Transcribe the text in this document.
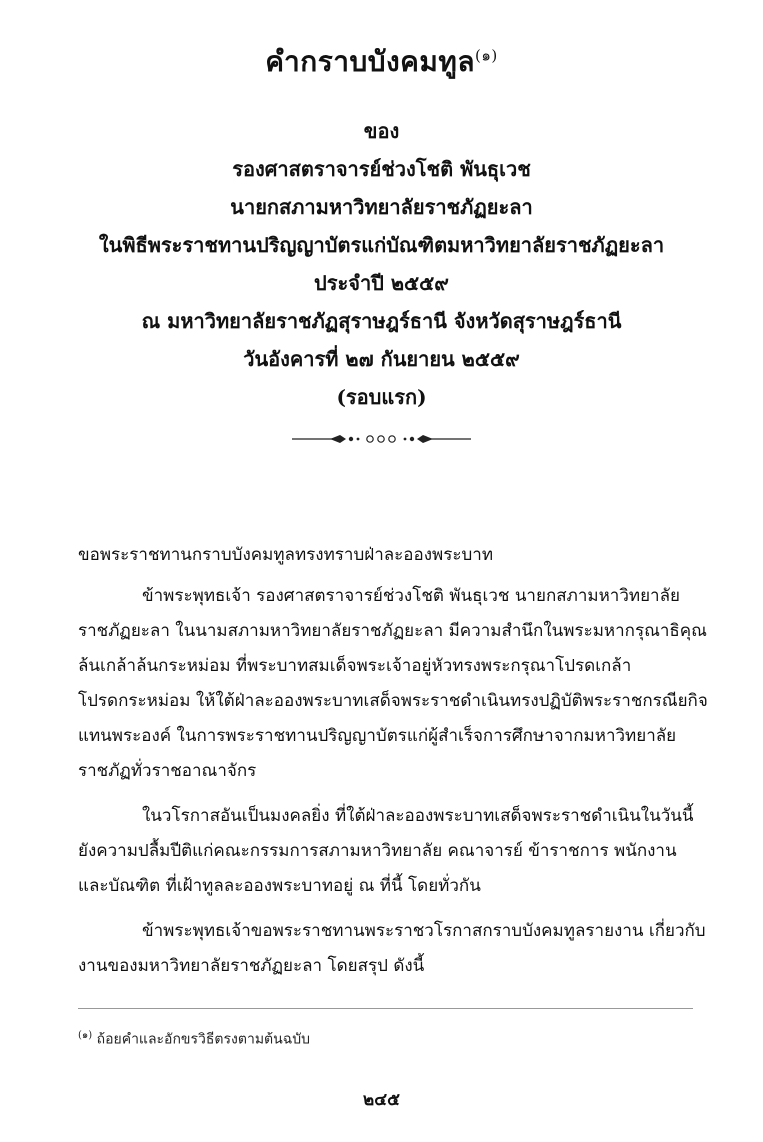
คำกราบบังคมทูล$^{(๑)}$
ของ
รองศาสตราจารย์ช่วงโชติ พันธุเวช
นายกสภามหาวิทยาลัยราชภัฏยะลา
ในพิธีพระราชทานปริญญาบัตรแก่บัณฑิตมหาวิทยาลัยราชภัฏยะลา
ประจำปี ๒๕๕๙
ณ มหาวิทยาลัยราชภัฏสุราษฎร์ธานี จังหวัดสุราษฎร์ธานี
วันอังคารที่ ๒๗ กันยายน ๒๕๕๙
(รอบแรก)

ขอพระราชทานกราบบังคมทูลทรงทราบฝ่าละอองพระบาท

ข้าพระพุทธเจ้า รองศาสตราจารย์ช่วงโชติ พันธุเวช นายกสภามหาวิทยาลัย
ราชภัฏยะลา ในนามสภามหาวิทยาลัยราชภัฏยะลา มีความสำนึกในพระมหากรุณาธิคุณ
ล้นเกล้าล้นกระหม่อม ที่พระบาทสมเด็จพระเจ้าอยู่หัวทรงพระกรุณาโปรดเกล้า
โปรดกระหม่อม ให้ใต้ฝ่าละอองพระบาทเสด็จพระราชดำเนินทรงปฏิบัติพระราชกรณียกิจ
แทนพระองค์ ในการพระราชทานปริญญาบัตรแก่ผู้สำเร็จการศึกษาจากมหาวิทยาลัย
ราชภัฏทั่วราชอาณาจักร
ในวโรกาสอันเป็นมงคลยิ่ง ที่ใต้ฝ่าละอองพระบาทเสด็จพระราชดำเนินในวันนี้
ยังความปลื้มปีติแก่คณะกรรมการสภามหาวิทยาลัย คณาจารย์ ข้าราชการ พนักงาน
และบัณฑิต ที่เฝ้าทูลละอองพระบาทอยู่ ณ ที่นี้ โดยทั่วกัน
ข้าพระพุทธเจ้าขอพระราชทานพระราชวโรกาสกราบบังคมทูลรายงาน เกี่ยวกับ
งานของมหาวิทยาลัยราชภัฏยะลา โดยสรุป ดังนี้
$^{(๑)}$ ถ้อยคำและอักขรวิธีตรงตามต้นฉบับ
๒๔๕
